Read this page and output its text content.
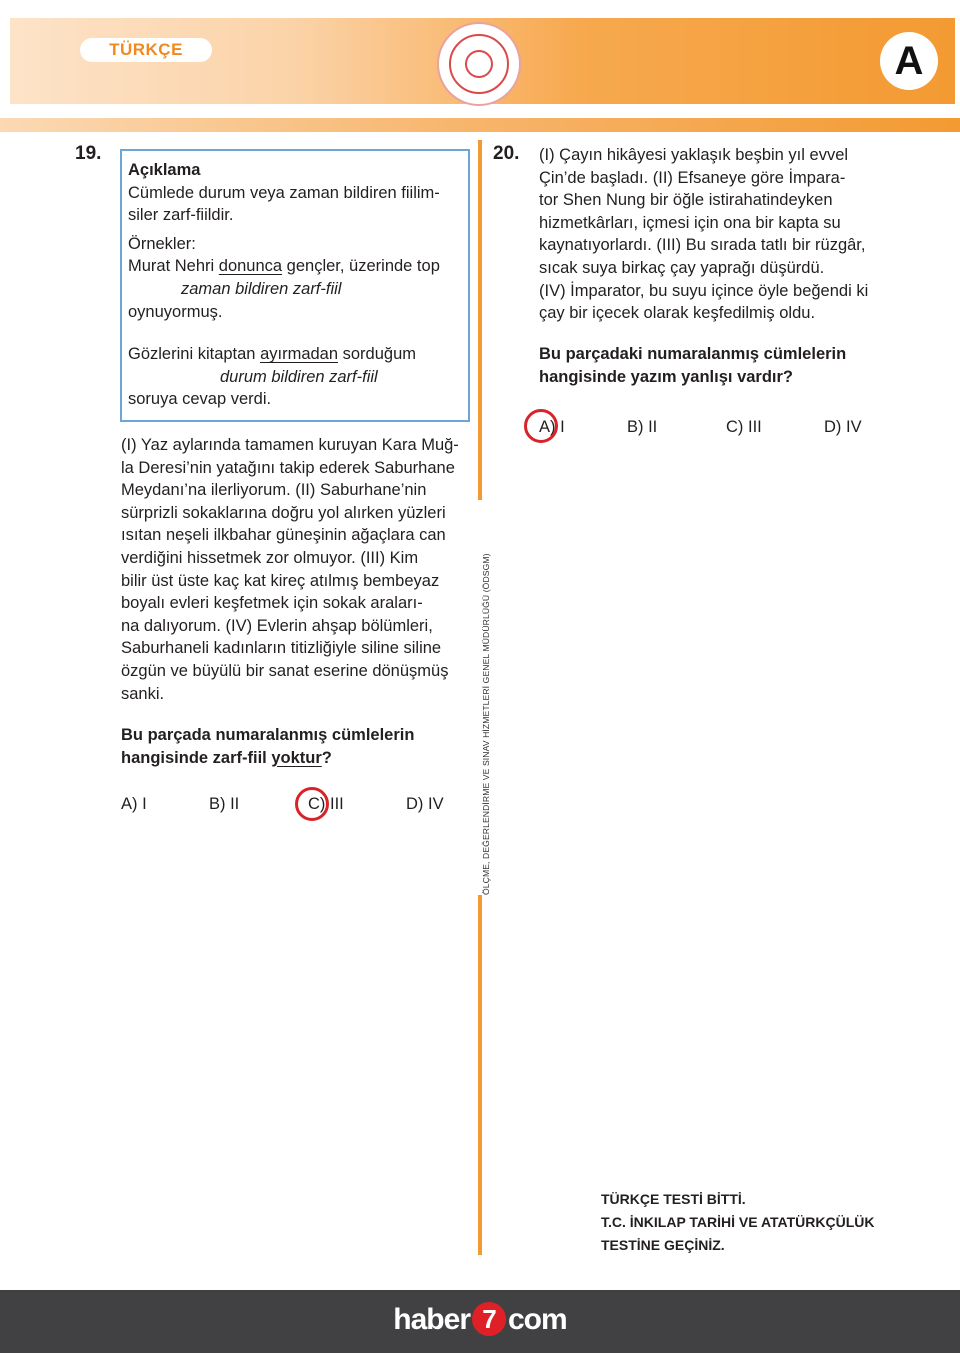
TÜRKÇE	A
19.
Açıklama
Cümlede durum veya zaman bildiren fiilim-
siler zarf-fiildir.
Örnekler:
Murat Nehri donunca gençler, üzerinde top
zaman bildiren zarf-fiil
oynuyormuş.
Gözlerini kitaptan ayırmadan sorduğum
durum bildiren zarf-fiil
soruya cevap verdi.
(I) Yaz aylarında tamamen kuruyan Kara Muğ-
la Deresi’nin yatağını takip ederek Saburhane
Meydanı’na ilerliyorum. (II) Saburhane’nin
sürprizli sokaklarına doğru yol alırken yüzleri
ısıtan neşeli ilkbahar güneşinin ağaçlara can
verdiğini hissetmek zor olmuyor. (III) Kim
bilir üst üste kaç kat kireç atılmış bembeyaz
boyalı evleri keşfetmek için sokak araları-
na dalıyorum. (IV) Evlerin ahşap bölümleri,
Saburhaneli kadınların titizliğiyle siline siline
özgün ve büyülü bir sanat eserine dönüşmüş
sanki.
Bu parçada numaralanmış cümlelerin
hangisinde zarf-fiil yoktur?
A) I	B) II	C) III	D) IV	ÖLÇME, DEĞERLENDİRME VE SINAV HİZMETLERİ GENEL MÜDÜRLÜĞÜ (ÖDSGM)
20. (I) Çayın hikâyesi yaklaşık beşbin yıl evvel
Çin’de başladı. (II) Efsaneye göre İmpara-
tor Shen Nung bir öğle istirahatindeyken
hizmetkârları, içmesi için ona bir kapta su
kaynatıyorlardı. (III) Bu sırada tatlı bir rüzgâr,
sıcak suya birkaç çay yaprağı düşürdü.
(IV) İmparator, bu suyu içince öyle beğendi ki
çay bir içecek olarak keşfedilmiş oldu.
Bu parçadaki numaralanmış cümlelerin
hangisinde yazım yanlışı vardır?
A) I	B) II	C) III	D) IV
TÜRKÇE TESTİ BİTTİ.
T.C. İNKILAP TARİHİ VE ATATÜRKÇÜLÜK
TESTİNE GEÇİNİZ.
haber 7 com
